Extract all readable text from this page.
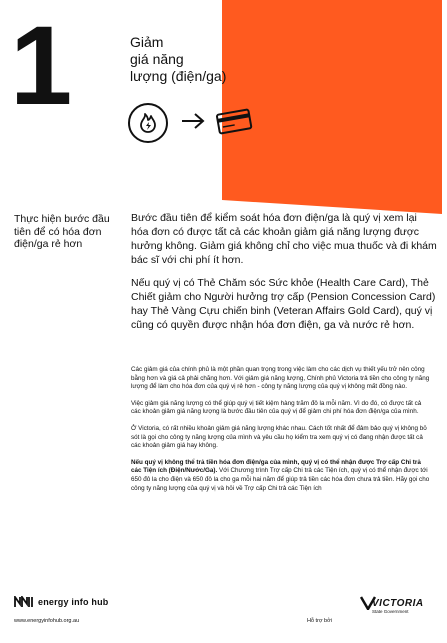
1	Giảm
giá năng
lượng (điện/ga)
Thực hiện bước đầu tiên để có hóa đơn điện/ga rẻ hơn

Bước đầu tiên để kiểm soát hóa đơn điện/ga là quý vị xem lại hóa đơn có được tất cả các khoản giảm giá năng lượng được hưởng không. Giảm giá không chỉ cho việc mua thuốc và đi khám bác sĩ với chi phí ít hơn.

Nếu quý vị có Thẻ Chăm sóc Sức khỏe (Health Care Card), Thẻ Chiết giảm cho Người hưởng trợ cấp (Pension Concession Card) hay Thẻ Vàng Cựu chiến binh (Veteran Affairs Gold Card), quý vị cũng có quyền được nhận hóa đơn điện, ga và nước rẻ hơn.

Các giảm giá của chính phủ là một phần quan trọng trong việc làm cho các dịch vụ thiết yếu trở nên công bằng hơn và giá cả phải chăng hơn. Với giảm giá năng lượng, Chính phủ Victoria trả tiền cho công ty năng lượng để làm cho hóa đơn của quý vị rẻ hơn - công ty năng lượng của quý vị không mất đồng nào.

Việc giảm giá năng lượng có thể giúp quý vị tiết kiệm hàng trăm đô la mỗi năm. Vì do đó, có được tất cả các khoản giảm giá năng lượng là bước đầu tiên của quý vị để giảm chi phí hóa đơn điện/ga của mình.

Ở Victoria, có rất nhiều khoản giảm giá năng lượng khác nhau. Cách tốt nhất để đảm bảo quý vị không bỏ sót là gọi cho công ty năng lượng của mình và yêu cầu họ kiểm tra xem quý vị có đang nhận được tất cả các khoản giảm giá hay không.

Nếu quý vị không thể trả tiền hóa đơn điện/ga của mình, quý vị có thể nhận được Trợ cấp Chi trả các Tiện ích (Điện/Nước/Ga). Với Chương trình Trợ cấp Chi trả các Tiện ích, quý vị có thể nhận được tới 650 đô la cho điện và 650 đô la cho ga mỗi hai năm để giúp trả tiền các hóa đơn chưa trả tiền. Hãy gọi cho công ty năng lượng của quý vị và hỏi về Trợ cấp Chi trả các Tiện ích

energy info hub
www.energyinfohub.org.au	Hỗ trợ bởi
VICTORIA
State Government
